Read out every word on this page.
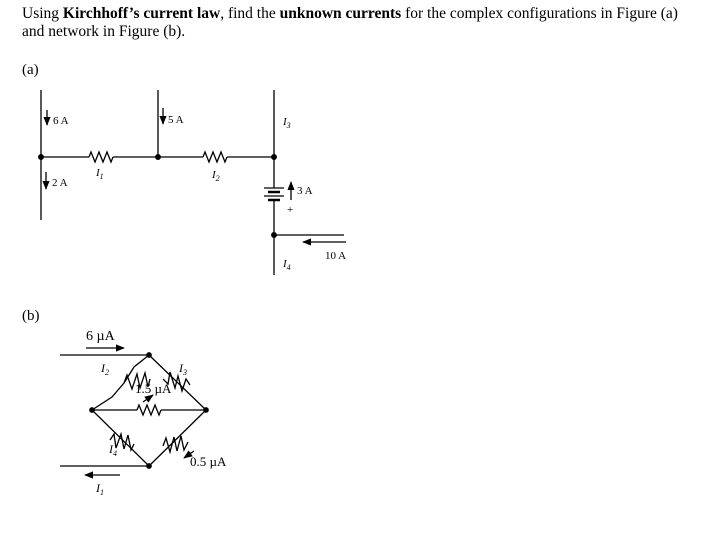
Using Kirchhoff’s current law, find the unknown currents for the complex configurations in Figure (a) and network in Figure (b).
(a)
(b)
6 A	5 A
2 A
3 A
10 A
+
$I_1$	$I_2$
$I_3$
$I_4$
6 µA
1.5 µA
0.5 µA
$I_2$	$I_3$
$I_4$
$I_1$
